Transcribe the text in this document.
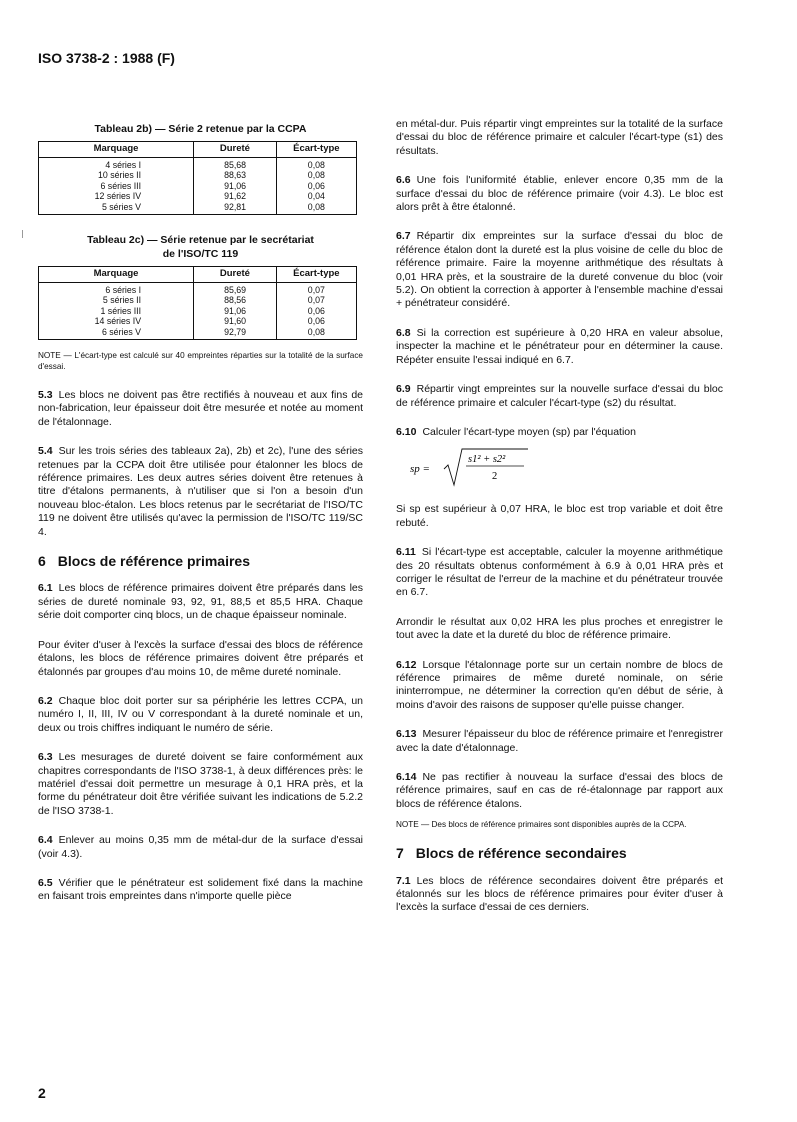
ISO 3738-2 : 1988 (F)
Tableau 2b) — Série 2 retenue par la CCPA
Marquage	Dureté	Écart-type
4 séries I	85,68	0,08
10 séries II	88,63	0,08
6 séries III	91,06	0,06
12 séries IV	91,62	0,04
5 séries V	92,81	0,08
Tableau 2c) — Série retenue par le secrétariat
de l'ISO/TC 119
Marquage	Dureté	Écart-type
6 séries I	85,69	0,07
5 séries II	88,56	0,07
1 séries III	91,06	0,06
14 séries IV	91,60	0,06
6 séries V	92,79	0,08
NOTE — L'écart-type est calculé sur 40 empreintes réparties sur la totalité de la surface d'essai.
5.3 Les blocs ne doivent pas être rectifiés à nouveau et aux fins de non-fabrication, leur épaisseur doit être mesurée et notée au moment de l'étalonnage.
5.4 Sur les trois séries des tableaux 2a), 2b) et 2c), l'une des séries retenues par la CCPA doit être utilisée pour étalonner les blocs de référence primaires. Les deux autres séries doivent être retenues à titre d'étalons permanents, à n'utiliser que si l'on a besoin d'un nouveau bloc-étalon. Les blocs retenus par le secrétariat de l'ISO/TC 119 ne doivent être utilisés qu'avec la permission de l'ISO/TC 119/SC 4.
6 Blocs de référence primaires
6.1 Les blocs de référence primaires doivent être préparés dans les séries de dureté nominale 93, 92, 91, 88,5 et 85,5 HRA. Chaque série doit comporter cinq blocs, un de chaque épaisseur nominale.
Pour éviter d'user à l'excès la surface d'essai des blocs de référence étalons, les blocs de référence primaires doivent être préparés et étalonnés par groupes d'au moins 10, de même dureté nominale.
6.2 Chaque bloc doit porter sur sa périphérie les lettres CCPA, un numéro I, II, III, IV ou V correspondant à la dureté nominale et un, deux ou trois chiffres indiquant le numéro de série.
6.3 Les mesurages de dureté doivent se faire conformément aux chapitres correspondants de l'ISO 3738-1, à deux différences près: le matériel d'essai doit permettre un mesurage à 0,1 HRA près, et la forme du pénétrateur doit être vérifiée suivant les indications de 5.2.2 de l'ISO 3738-1.
6.4 Enlever au moins 0,35 mm de métal-dur de la surface d'essai (voir 4.3).
6.5 Vérifier que le pénétrateur est solidement fixé dans la machine en faisant trois empreintes dans n'importe quelle pièce
en métal-dur. Puis répartir vingt empreintes sur la totalité de la surface d'essai du bloc de référence primaire et calculer l'écart-type (s1) des résultats.
6.6 Une fois l'uniformité établie, enlever encore 0,35 mm de la surface d'essai du bloc de référence primaire (voir 4.3). Le bloc est alors prêt à être étalonné.
6.7 Répartir dix empreintes sur la surface d'essai du bloc de référence étalon dont la dureté est la plus voisine de celle du bloc de référence primaire. Faire la moyenne arithmétique des résultats à 0,01 HRA près, et la soustraire de la dureté convenue du bloc (voir 5.2). On obtient la correction à apporter à l'ensemble machine d'essai + pénétrateur considéré.
6.8 Si la correction est supérieure à 0,20 HRA en valeur absolue, inspecter la machine et le pénétrateur pour en déterminer la cause. Répéter ensuite l'essai indiqué en 6.7.
6.9 Répartir vingt empreintes sur la nouvelle surface d'essai du bloc de référence primaire et calculer l'écart-type (s2) du résultat.
6.10 Calculer l'écart-type moyen (sp) par l'équation
sp =
s1² + s2²
2
Si sp est supérieur à 0,07 HRA, le bloc est trop variable et doit être rebuté.
6.11 Si l'écart-type est acceptable, calculer la moyenne arithmétique des 20 résultats obtenus conformément à 6.9 à 0,01 HRA près et corriger le résultat de l'erreur de la machine et du pénétrateur trouvée en 6.7.
Arrondir le résultat aux 0,02 HRA les plus proches et enregistrer le tout avec la date et la dureté du bloc de référence primaire.
6.12 Lorsque l'étalonnage porte sur un certain nombre de blocs de référence primaires de même dureté nominale, on série ininterrompue, ne déterminer la correction qu'en début de série, à moins d'avoir des raisons de supposer qu'elle puisse changer.
6.13 Mesurer l'épaisseur du bloc de référence primaire et l'enregistrer avec la date d'étalonnage.
6.14 Ne pas rectifier à nouveau la surface d'essai des blocs de référence primaires, sauf en cas de ré-étalonnage par rapport aux blocs de référence étalons.
NOTE — Des blocs de référence primaires sont disponibles auprès de la CCPA.
7 Blocs de référence secondaires
7.1 Les blocs de référence secondaires doivent être préparés et étalonnés sur les blocs de référence primaires pour éviter d'user à l'excès la surface d'essai de ces derniers.
2
